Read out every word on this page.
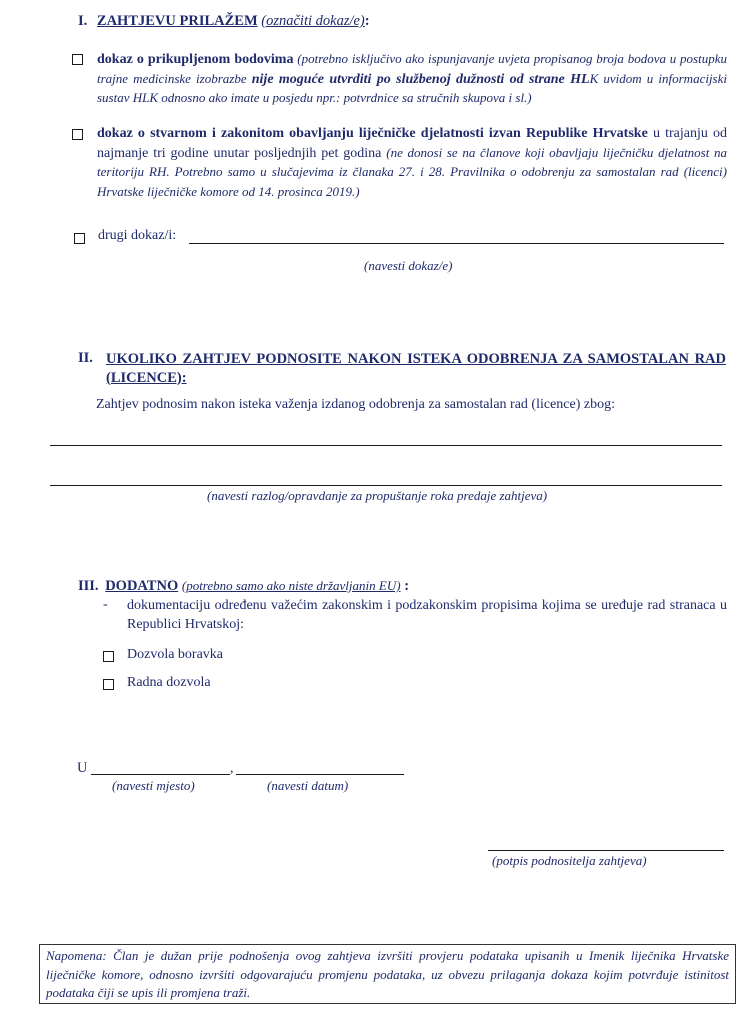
I. ZAHTJEVU PRILAŽEM (označiti dokaz/e):
dokaz o prikupljenom bodovima (potrebno isključivo ako ispunjavanje uvjeta propisanog broja bodova u postupku trajne medicinske izobrazbe nije moguće utvrditi po službenoj dužnosti od strane HLK uvidom u informacijski sustav HLK odnosno ako imate u posjedu npr.: potvrdnice sa stručnih skupova i sl.)
dokaz o stvarnom i zakonitom obavljanju liječničke djelatnosti izvan Republike Hrvatske u trajanju od najmanje tri godine unutar posljednjih pet godina (ne donosi se na članove koji obavljaju liječničku djelatnost na teritoriju RH. Potrebno samo u slučajevima iz članaka 27. i 28. Pravilnika o odobrenju za samostalan rad (licenci) Hrvatske liječničke komore od 14. prosinca 2019.)
drugi dokaz/i:
(navesti dokaz/e)
II. UKOLIKO ZAHTJEV PODNOSITE NAKON ISTEKA ODOBRENJA ZA SAMOSTALAN RAD (LICENCE):
Zahtjev podnosim nakon isteka važenja izdanog odobrenja za samostalan rad (licence) zbog:
(navesti razlog/opravdanje za propuštanje roka predaje zahtjeva)
III. DODATNO (potrebno samo ako niste državljanin EU) :
- dokumentaciju određenu važećim zakonskim i podzakonskim propisima kojima se uređuje rad stranaca u Republici Hrvatskoj:
Dozvola boravka
Radna dozvola
U	,
(navesti mjesto)	(navesti datum)
(potpis podnositelja zahtjeva)
Napomena: Član je dužan prije podnošenja ovog zahtjeva izvršiti provjeru podataka upisanih u Imenik liječnika Hrvatske liječničke komore, odnosno izvršiti odgovarajuću promjenu podataka, uz obvezu prilaganja dokaza kojim potvrđuje istinitost podataka čiji se upis ili promjena traži.
